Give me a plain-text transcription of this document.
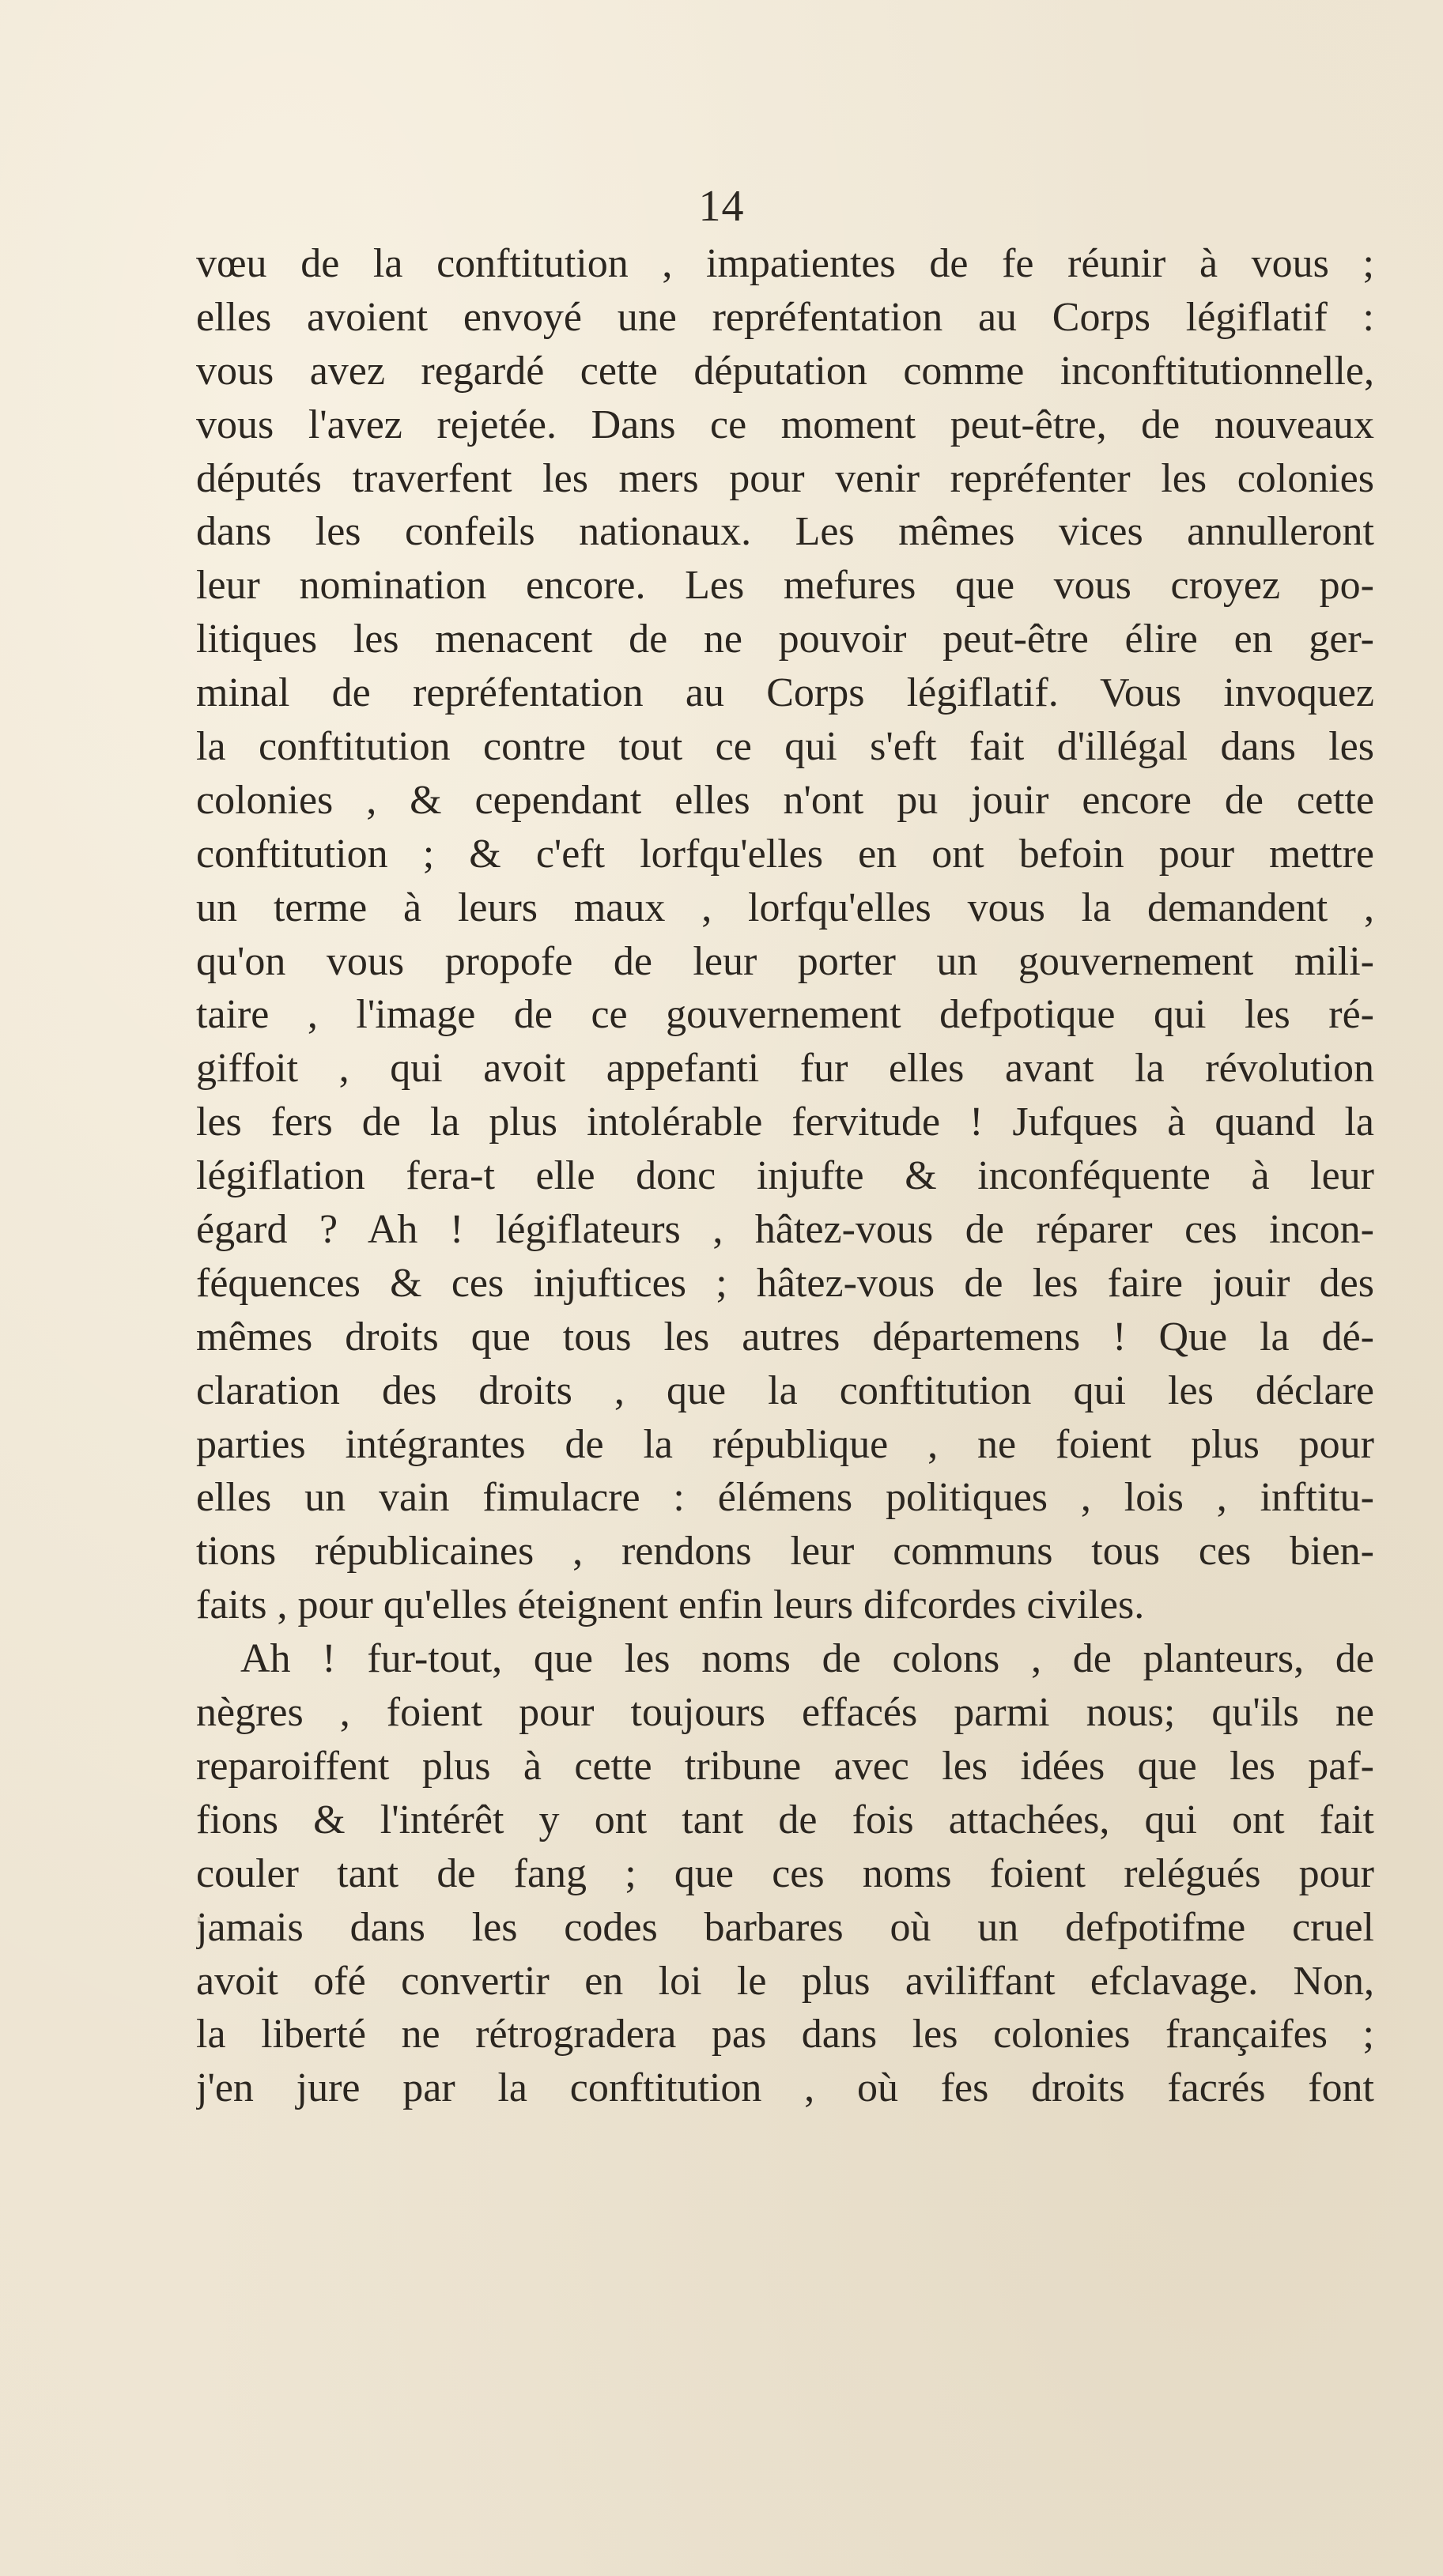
14
vœu de la conftitution , impatientes de fe réunir à vous ;
elles avoient envoyé une repréfentation au Corps légiflatif :
vous avez regardé cette députation comme inconftitutionnelle,
vous l'avez rejetée. Dans ce moment peut-être, de nouveaux
députés traverfent les mers pour venir repréfenter les colonies
dans les confeils nationaux. Les mêmes vices annulleront
leur nomination encore. Les mefures que vous croyez po-
litiques les menacent de ne pouvoir peut-être élire en ger-
minal de repréfentation au Corps légiflatif. Vous invoquez
la conftitution contre tout ce qui s'eft fait d'illégal dans les
colonies , & cependant elles n'ont pu jouir encore de cette
conftitution ; & c'eft lorfqu'elles en ont befoin pour mettre
un terme à leurs maux , lorfqu'elles vous la demandent ,
qu'on vous propofe de leur porter un gouvernement mili-
taire , l'image de ce gouvernement defpotique qui les ré-
giffoit , qui avoit appefanti fur elles avant la révolution
les fers de la plus intolérable fervitude ! Jufques à quand la
légiflation fera-t elle donc injufte & inconféquente à leur
égard ? Ah ! légiflateurs , hâtez-vous de réparer ces incon-
féquences & ces injuftices ; hâtez-vous de les faire jouir des
mêmes droits que tous les autres départemens ! Que la dé-
claration des droits , que la conftitution qui les déclare
parties intégrantes de la république , ne foient plus pour
elles un vain fimulacre : élémens politiques , lois , inftitu-
tions républicaines , rendons leur communs tous ces bien-
faits , pour qu'elles éteignent enfin leurs difcordes civiles.
Ah ! fur-tout, que les noms de colons , de planteurs, de
nègres , foient pour toujours effacés parmi nous; qu'ils ne
reparoiffent plus à cette tribune avec les idées que les paf-
fions & l'intérêt y ont tant de fois attachées, qui ont fait
couler tant de fang ; que ces noms foient relégués pour
jamais dans les codes barbares où un defpotifme cruel
avoit ofé convertir en loi le plus aviliffant efclavage. Non,
la liberté ne rétrogradera pas dans les colonies françaifes ;
j'en jure par la conftitution , où fes droits facrés font
